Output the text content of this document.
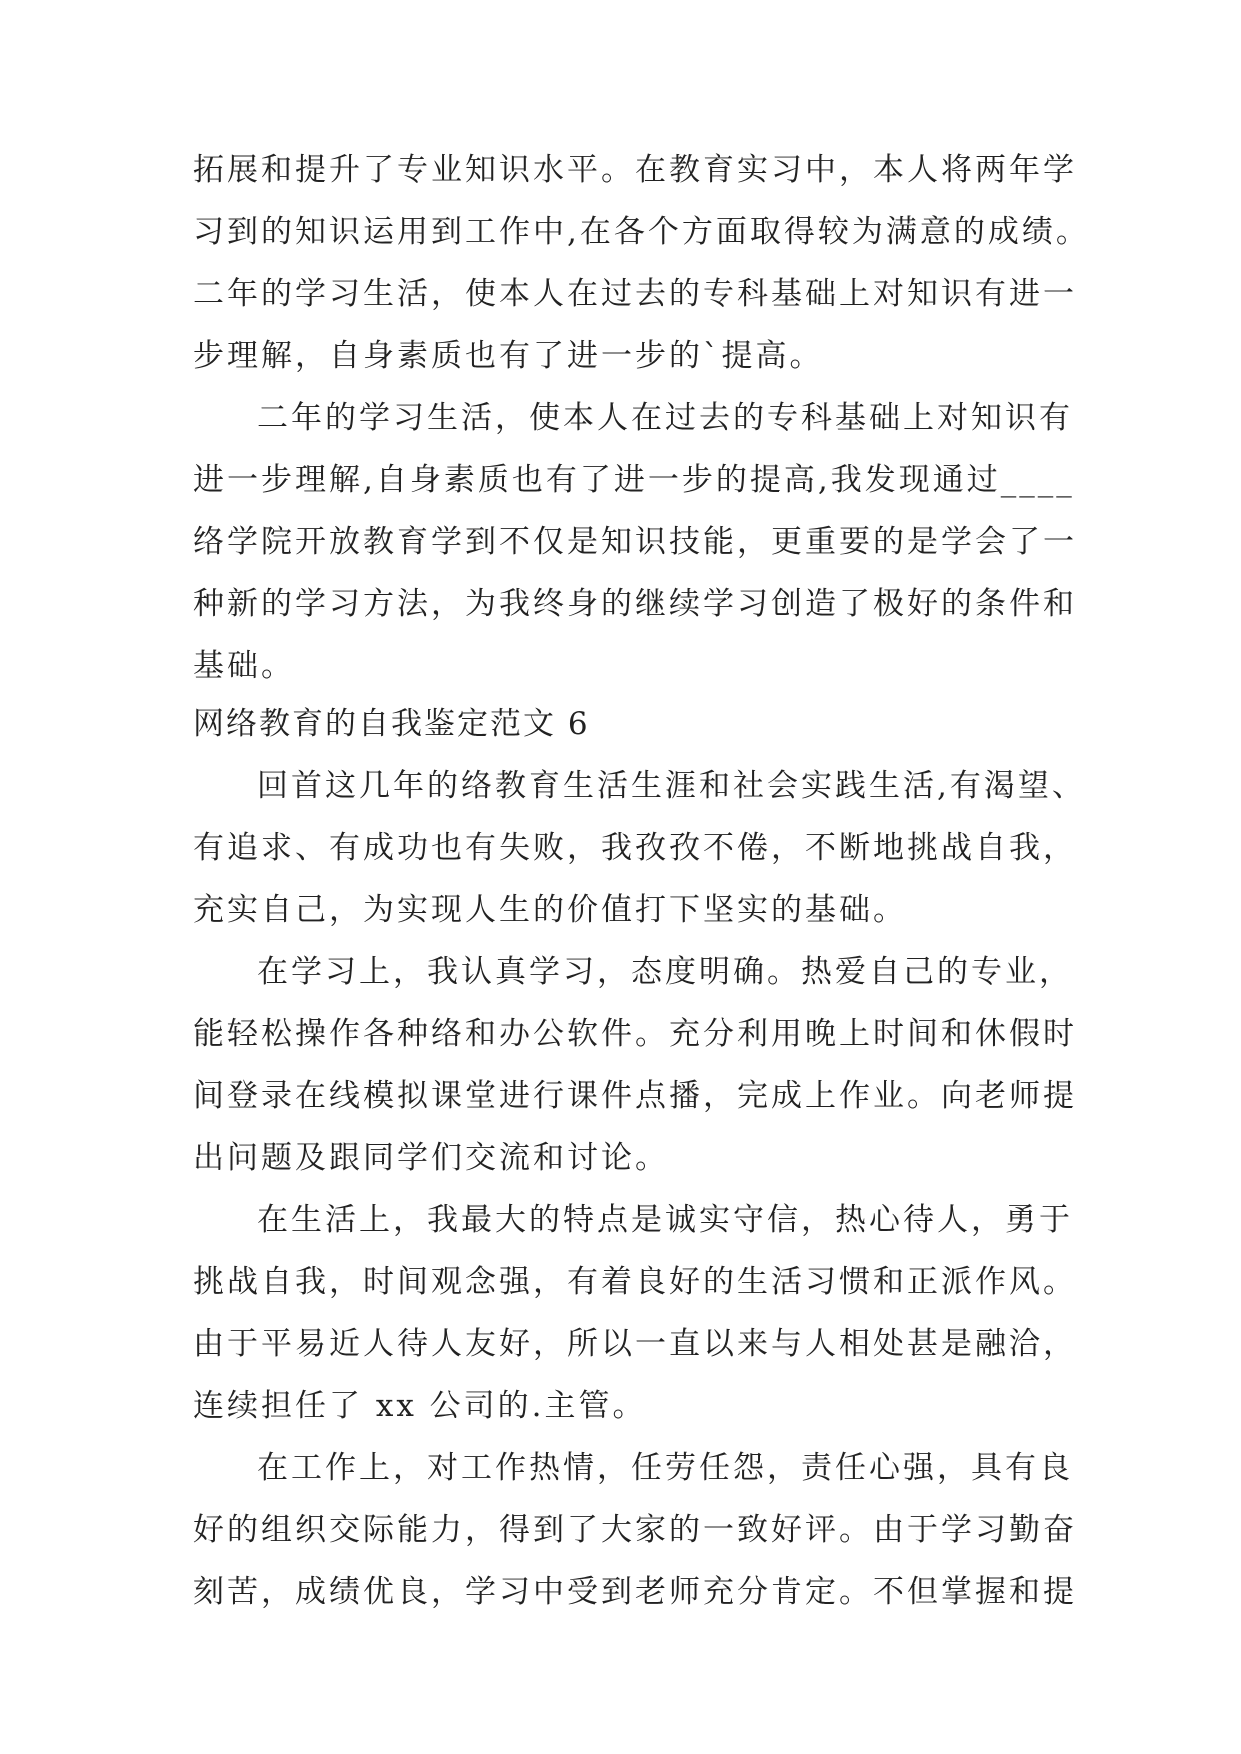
拓展和提升了专业知识水平。在教育实习中，本人将两年学
习到的知识运用到工作中,在各个方面取得较为满意的成绩。
二年的学习生活，使本人在过去的专科基础上对知识有进一
步理解，自身素质也有了进一步的`提高。
二年的学习生活，使本人在过去的专科基础上对知识有
进一步理解,自身素质也有了进一步的提高,我发现通过____
络学院开放教育学到不仅是知识技能，更重要的是学会了一
种新的学习方法，为我终身的继续学习创造了极好的条件和
基础。
网络教育的自我鉴定范文 6
回首这几年的络教育生活生涯和社会实践生活,有渴望、
有追求、有成功也有失败，我孜孜不倦，不断地挑战自我，
充实自己，为实现人生的价值打下坚实的基础。
在学习上，我认真学习，态度明确。热爱自己的专业，
能轻松操作各种络和办公软件。充分利用晚上时间和休假时
间登录在线模拟课堂进行课件点播，完成上作业。向老师提
出问题及跟同学们交流和讨论。
在生活上，我最大的特点是诚实守信，热心待人，勇于
挑战自我，时间观念强，有着良好的生活习惯和正派作风。
由于平易近人待人友好，所以一直以来与人相处甚是融洽，
连续担任了 xx 公司的.主管。
在工作上，对工作热情，任劳任怨，责任心强，具有良
好的组织交际能力，得到了大家的一致好评。由于学习勤奋
刻苦，成绩优良，学习中受到老师充分肯定。不但掌握和提
